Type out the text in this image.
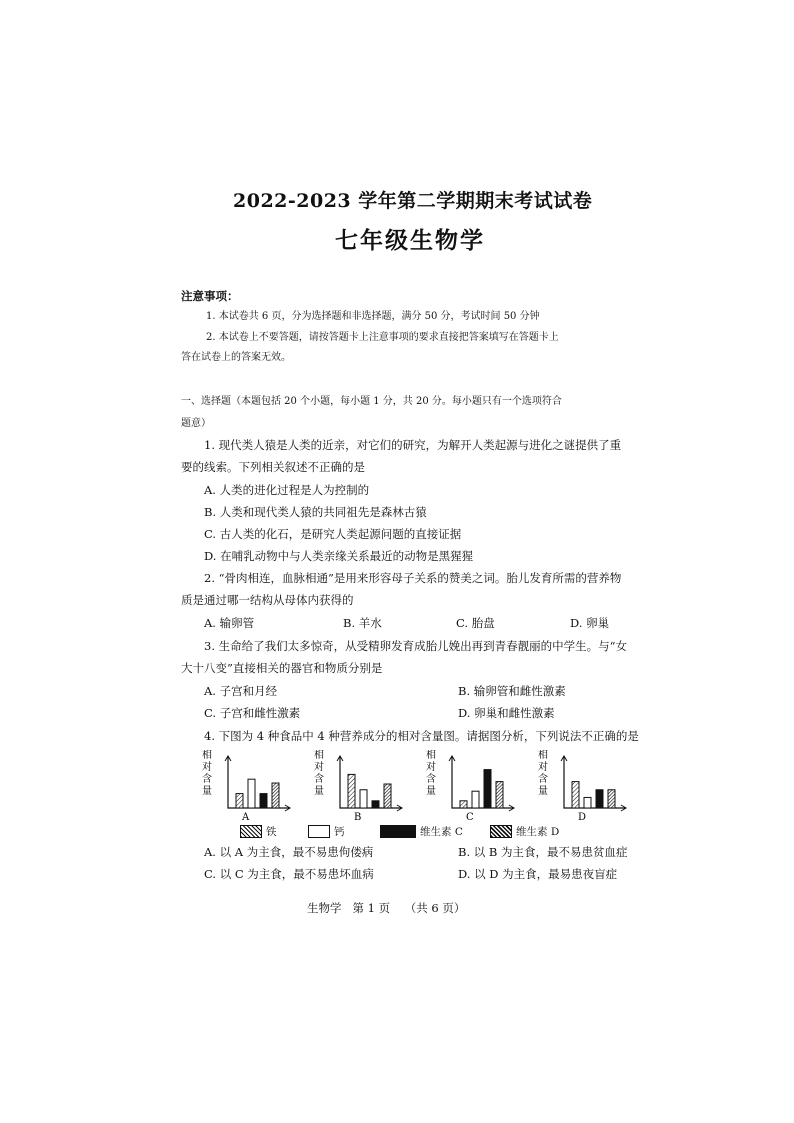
2022-2023 学年第二学期期末考试试卷
七年级生物学
注意事项：
1. 本试卷共 6 页，分为选择题和非选择题，满分 50 分，考试时间 50 分钟
2. 本试卷上不要答题，请按答题卡上注意事项的要求直接把答案填写在答题卡上
答在试卷上的答案无效。
一、选择题（本题包括 20 个小题，每小题 1 分，共 20 分。每小题只有一个选项符合
题意）
1. 现代类人猿是人类的近亲，对它们的研究，为解开人类起源与进化之谜提供了重
要的线索。下列相关叙述不正确的是
A. 人类的进化过程是人为控制的
B. 人类和现代类人猿的共同祖先是森林古猿
C. 古人类的化石，是研究人类起源问题的直接证据
D. 在哺乳动物中与人类亲缘关系最近的动物是黑猩猩
2. “骨肉相连，血脉相通”是用来形容母子关系的赞美之词。胎儿发育所需的营养物
质是通过哪一结构从母体内获得的
A. 输卵管	B. 羊水	C. 胎盘	D. 卵巢
3. 生命给了我们太多惊奇，从受精卵发育成胎儿娩出再到青春靓丽的中学生。与“女
大十八变”直接相关的器官和物质分别是
A. 子宫和月经	B. 输卵管和雌性激素
C. 子宫和雌性激素	D. 卵巢和雌性激素
4. 下图为 4 种食品中 4 种营养成分的相对含量图。请据图分析，下列说法不正确的是
相
对
含
量
A
相
对
含
量
B
相
对
含
量
C
相
对
含
量
D
铁	钙	维生素 C	维生素 D
A. 以 A 为主食，最不易患佝偻病	B. 以 B 为主食，最不易患贫血症
C. 以 C 为主食，最不易患坏血病	D. 以 D 为主食，最易患夜盲症
生物学   第 1 页    （共 6 页）
